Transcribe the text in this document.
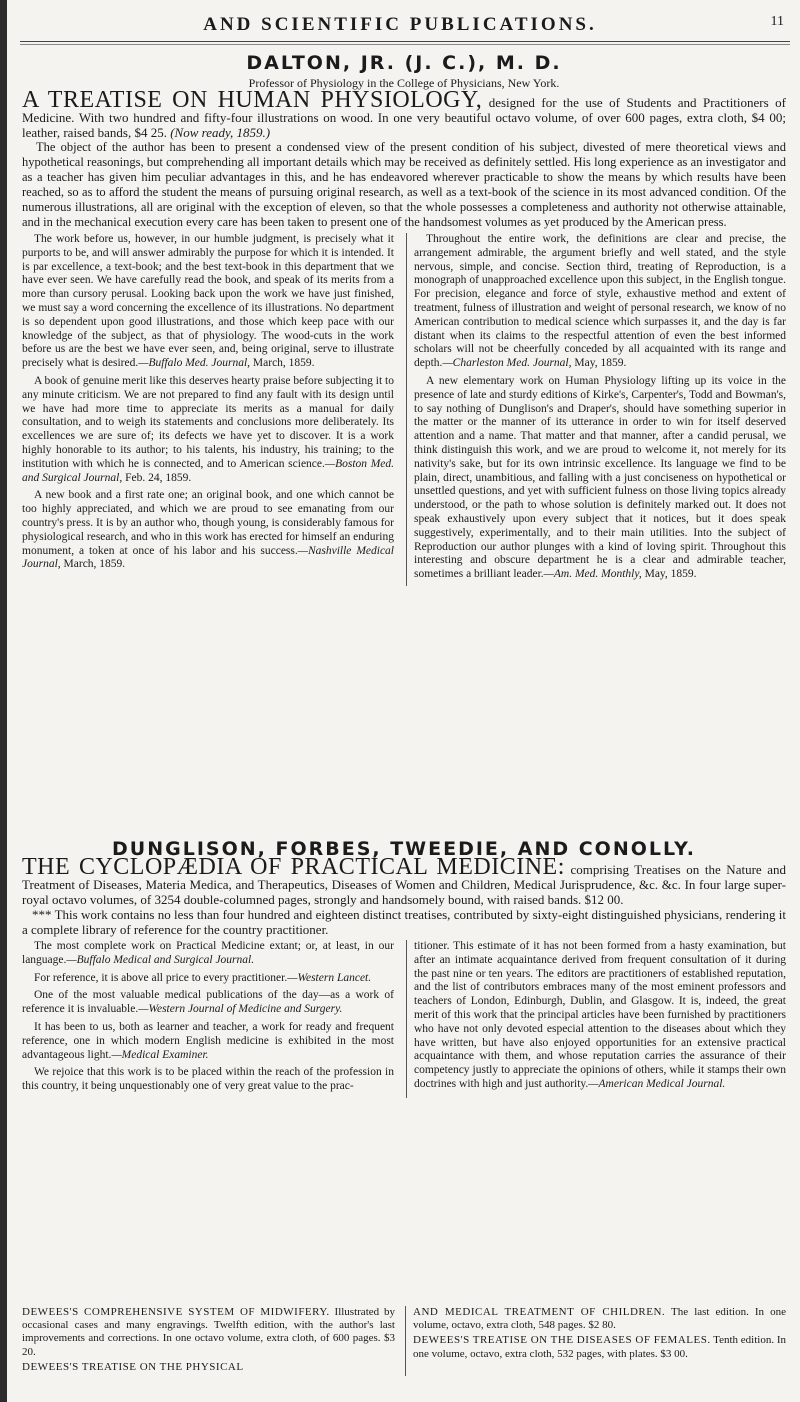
AND SCIENTIFIC PUBLICATIONS.	11
DALTON, JR. (J. C.), M. D.
Professor of Physiology in the College of Physicians, New York.

A TREATISE ON HUMAN PHYSIOLOGY, designed for the use of Students and Practitioners of Medicine. With two hundred and fifty-four illustrations on wood. In one very beautiful octavo volume, of over 600 pages, extra cloth, $4 00; leather, raised bands, $4 25. (Now ready, 1859.)

The object of the author has been to present a condensed view of the present condition of his subject, divested of mere theoretical views and hypothetical reasonings, but comprehending all important details which may be received as definitely settled. His long experience as an investigator and as a teacher has given him peculiar advantages in this, and he has endeavored wherever practicable to show the means by which results have been reached, so as to afford the student the means of pursuing original research, as well as a text-book of the science in its most advanced condition. Of the numerous illustrations, all are original with the exception of eleven, so that the whole possesses a completeness and authority not otherwise attainable, and in the mechanical execution every care has been taken to present one of the handsomest volumes as yet produced by the American press.

The work before us, however, in our humble judgment, is precisely what it purports to be, and will answer admirably the purpose for which it is intended. It is par excellence, a text-book; and the best text-book in this department that we have ever seen. We have carefully read the book, and speak of its merits from a more than cursory perusal. Looking back upon the work we have just finished, we must say a word concerning the excellence of its illustrations. No department is so dependent upon good illustrations, and those which keep pace with our knowledge of the subject, as that of physiology. The wood-cuts in the work before us are the best we have ever seen, and, being original, serve to illustrate precisely what is desired.—Buffalo Med. Journal, March, 1859.

A book of genuine merit like this deserves hearty praise before subjecting it to any minute criticism. We are not prepared to find any fault with its design until we have had more time to appreciate its merits as a manual for daily consultation, and to weigh its statements and conclusions more deliberately. Its excellences we are sure of; its defects we have yet to discover. It is a work highly honorable to its author; to his talents, his industry, his training; to the institution with which he is connected, and to American science.—Boston Med. and Surgical Journal, Feb. 24, 1859.

A new book and a first rate one; an original book, and one which cannot be too highly appreciated, and which we are proud to see emanating from our country's press. It is by an author who, though young, is considerably famous for physiological research, and who in this work has erected for himself an enduring monument, a token at once of his labor and his success.—Nashville Medical Journal, March, 1859.

Throughout the entire work, the definitions are clear and precise, the arrangement admirable, the argument briefly and well stated, and the style nervous, simple, and concise. Section third, treating of Reproduction, is a monograph of unapproached excellence upon this subject, in the English tongue. For precision, elegance and force of style, exhaustive method and extent of treatment, fulness of illustration and weight of personal research, we know of no American contribution to medical science which surpasses it, and the day is far distant when its claims to the respectful attention of even the best informed scholars will not be cheerfully conceded by all acquainted with its range and depth.—Charleston Med. Journal, May, 1859.

A new elementary work on Human Physiology lifting up its voice in the presence of late and sturdy editions of Kirke's, Carpenter's, Todd and Bowman's, to say nothing of Dunglison's and Draper's, should have something superior in the matter or the manner of its utterance in order to win for itself deserved attention and a name. That matter and that manner, after a candid perusal, we think distinguish this work, and we are proud to welcome it, not merely for its nativity's sake, but for its own intrinsic excellence. Its language we find to be plain, direct, unambitious, and falling with a just conciseness on hypothetical or unsettled questions, and yet with sufficient fulness on those living topics already understood, or the path to whose solution is definitely marked out. It does not speak exhaustively upon every subject that it notices, but it does speak suggestively, experimentally, and to their main utilities. Into the subject of Reproduction our author plunges with a kind of loving spirit. Throughout this interesting and obscure department he is a clear and admirable teacher, sometimes a brilliant leader.—Am. Med. Monthly, May, 1859.

DUNGLISON, FORBES, TWEEDIE, AND CONOLLY.

THE CYCLOPÆDIA OF PRACTICAL MEDICINE: comprising Treatises on the Nature and Treatment of Diseases, Materia Medica, and Therapeutics, Diseases of Women and Children, Medical Jurisprudence, &c. &c. In four large super-royal octavo volumes, of 3254 double-columned pages, strongly and handsomely bound, with raised bands. $12 00.

*** This work contains no less than four hundred and eighteen distinct treatises, contributed by sixty-eight distinguished physicians, rendering it a complete library of reference for the country practitioner.

The most complete work on Practical Medicine extant; or, at least, in our language.—Buffalo Medical and Surgical Journal.

For reference, it is above all price to every practitioner.—Western Lancet.

One of the most valuable medical publications of the day—as a work of reference it is invaluable.—Western Journal of Medicine and Surgery.

It has been to us, both as learner and teacher, a work for ready and frequent reference, one in which modern English medicine is exhibited in the most advantageous light.—Medical Examiner.

We rejoice that this work is to be placed within the reach of the profession in this country, it being unquestionably one of very great value to the prac-

titioner. This estimate of it has not been formed from a hasty examination, but after an intimate acquaintance derived from frequent consultation of it during the past nine or ten years. The editors are practitioners of established reputation, and the list of contributors embraces many of the most eminent professors and teachers of London, Edinburgh, Dublin, and Glasgow. It is, indeed, the great merit of this work that the principal articles have been furnished by practitioners who have not only devoted especial attention to the diseases about which they have written, but have also enjoyed opportunities for an extensive practical acquaintance with them, and whose reputation carries the assurance of their competency justly to appreciate the opinions of others, while it stamps their own doctrines with high and just authority.—American Medical Journal.

DEWEES'S COMPREHENSIVE SYSTEM OF MIDWIFERY. Illustrated by occasional cases and many engravings. Twelfth edition, with the author's last improvements and corrections. In one octavo volume, extra cloth, of 600 pages. $3 20.

DEWEES'S TREATISE ON THE PHYSICAL

AND MEDICAL TREATMENT OF CHILDREN. The last edition. In one volume, octavo, extra cloth, 548 pages. $2 80.

DEWEES'S TREATISE ON THE DISEASES OF FEMALES. Tenth edition. In one volume, octavo, extra cloth, 532 pages, with plates. $3 00.
